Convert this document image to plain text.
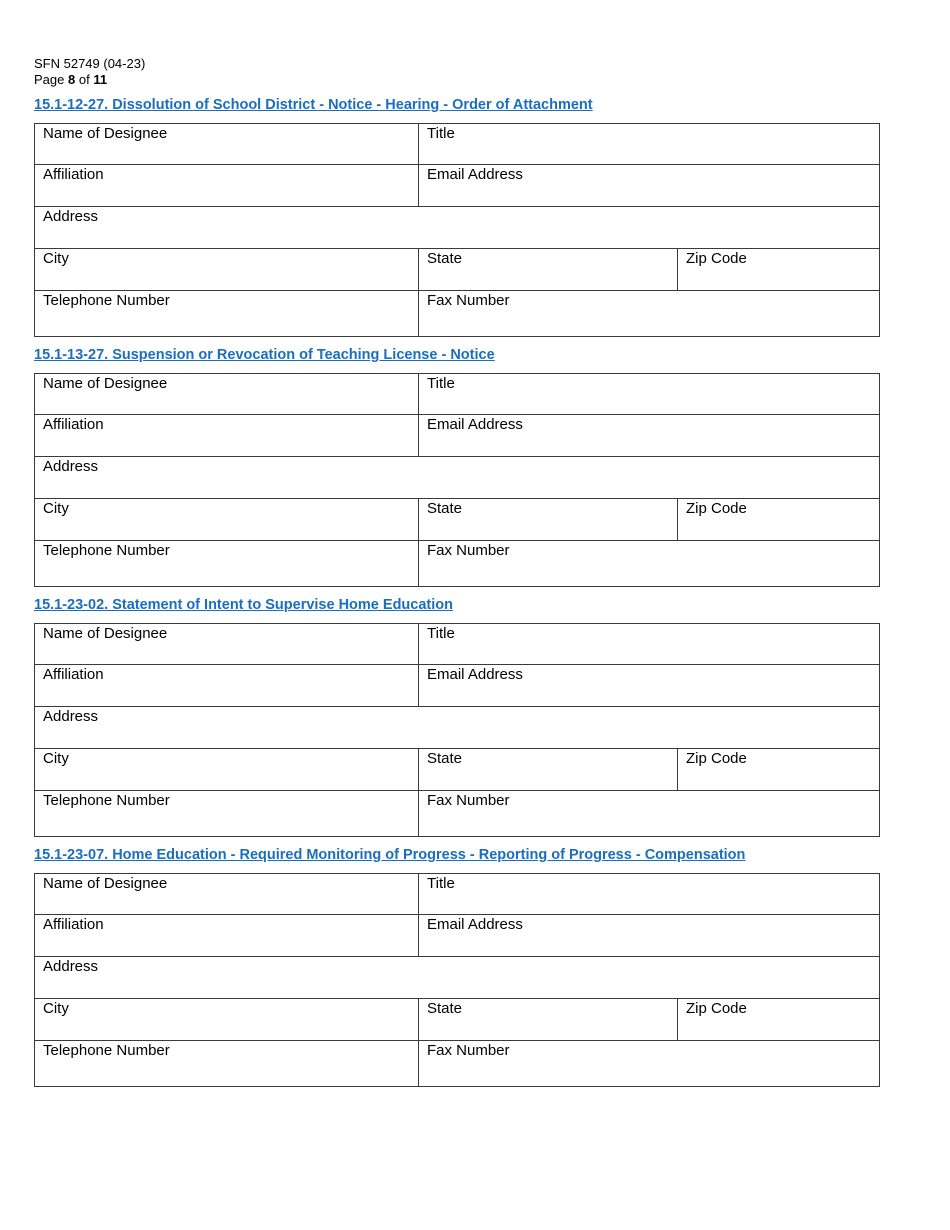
SFN 52749 (04-23)
Page 8 of 11
15.1-12-27. Dissolution of School District - Notice - Hearing - Order of Attachment
Name of Designee	Title	

Affiliation	Email Address	

Address		

City	State	Zip Code

Telephone Number	Fax Number	
15.1-13-27. Suspension or Revocation of Teaching License - Notice
Name of Designee	Title	

Affiliation	Email Address	

Address		

City	State	Zip Code

Telephone Number	Fax Number	
15.1-23-02. Statement of Intent to Supervise Home Education
Name of Designee	Title	

Affiliation	Email Address	

Address		

City	State	Zip Code

Telephone Number	Fax Number	
15.1-23-07. Home Education - Required Monitoring of Progress - Reporting of Progress - Compensation
Name of Designee	Title	

Affiliation	Email Address	

Address		

City	State	Zip Code

Telephone Number	Fax Number	
